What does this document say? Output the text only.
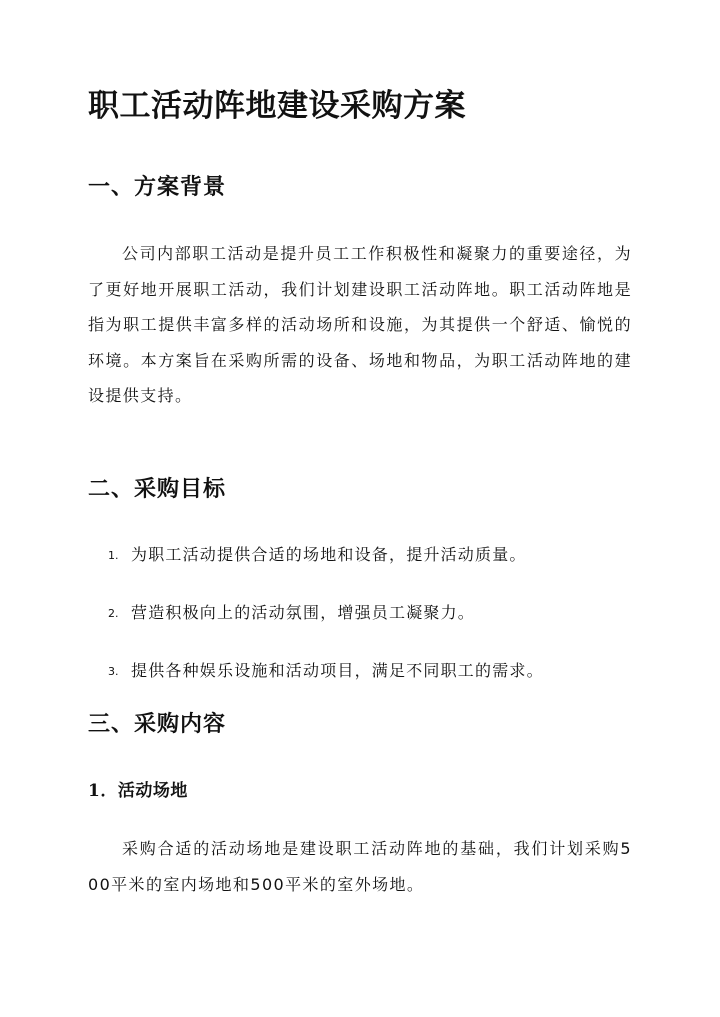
职工活动阵地建设采购方案
一、方案背景

公司内部职工活动是提升员工工作积极性和凝聚力的重要途径，为了更好地开展职工活动，我们计划建设职工活动阵地。职工活动阵地是指为职工提供丰富多样的活动场所和设施，为其提供一个舒适、愉悦的环境。本方案旨在采购所需的设备、场地和物品，为职工活动阵地的建设提供支持。

二、采购目标
1. 为职工活动提供合适的场地和设备，提升活动质量。
2. 营造积极向上的活动氛围，增强员工凝聚力。
3. 提供各种娱乐设施和活动项目，满足不同职工的需求。
三、采购内容
1．活动场地

采购合适的活动场地是建设职工活动阵地的基础，我们计划采购500平米的室内场地和500平米的室外场地。
